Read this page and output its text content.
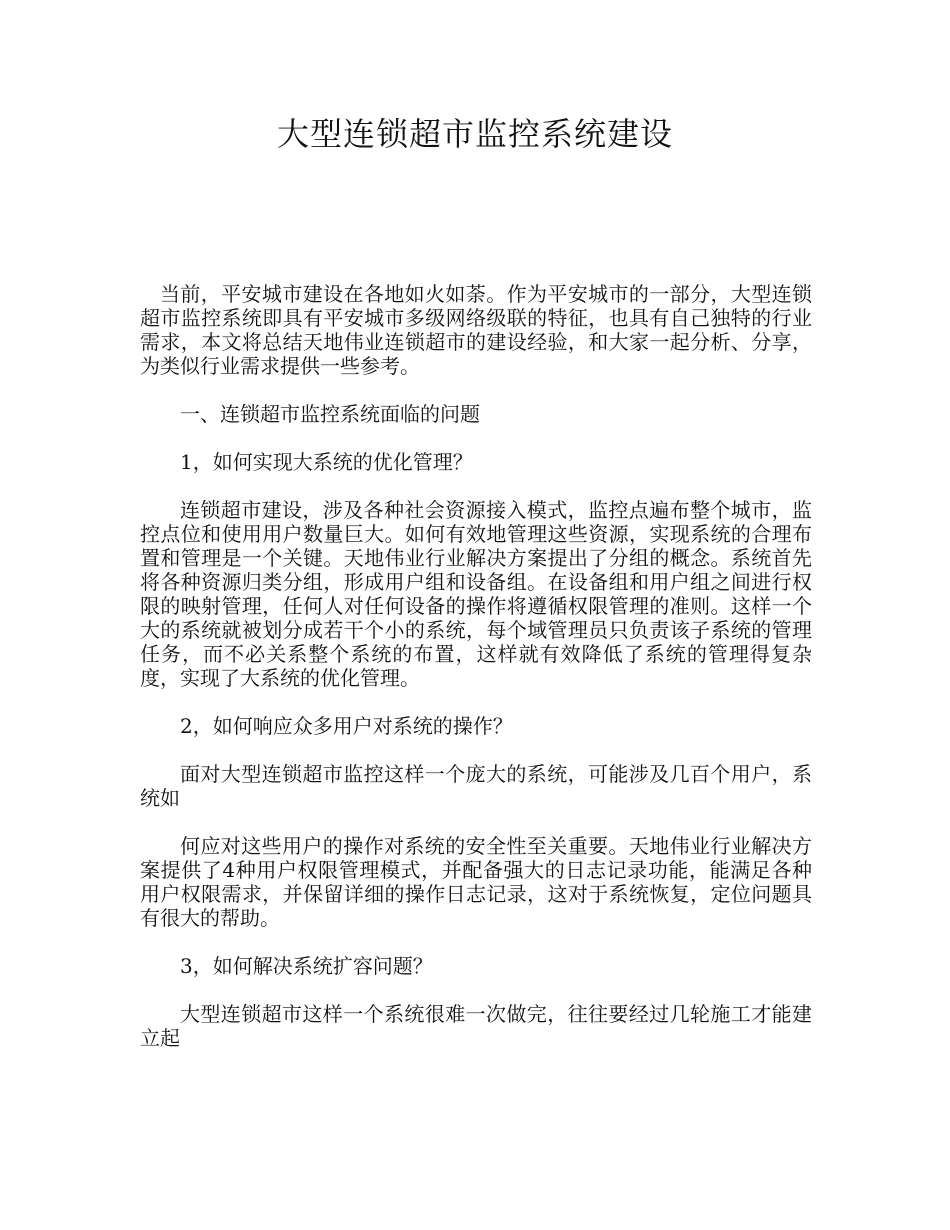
大型连锁超市监控系统建设

当前，平安城市建设在各地如火如荼。作为平安城市的一部分，大型连锁超市监控系统即具有平安城市多级网络级联的特征，也具有自己独特的行业需求，本文将总结天地伟业连锁超市的建设经验，和大家一起分析、分享，为类似行业需求提供一些参考。

一、连锁超市监控系统面临的问题

1，如何实现大系统的优化管理？

连锁超市建设，涉及各种社会资源接入模式，监控点遍布整个城市，监控点位和使用用户数量巨大。如何有效地管理这些资源，实现系统的合理布置和管理是一个关键。天地伟业行业解决方案提出了分组的概念。系统首先将各种资源归类分组，形成用户组和设备组。在设备组和用户组之间进行权限的映射管理，任何人对任何设备的操作将遵循权限管理的准则。这样一个大的系统就被划分成若干个小的系统，每个域管理员只负责该子系统的管理任务，而不必关系整个系统的布置，这样就有效降低了系统的管理得复杂度，实现了大系统的优化管理。

2，如何响应众多用户对系统的操作？

面对大型连锁超市监控这样一个庞大的系统，可能涉及几百个用户，系统如

何应对这些用户的操作对系统的安全性至关重要。天地伟业行业解决方案提供了4种用户权限管理模式，并配备强大的日志记录功能，能满足各种用户权限需求，并保留详细的操作日志记录，这对于系统恢复，定位问题具有很大的帮助。

3，如何解决系统扩容问题？

大型连锁超市这样一个系统很难一次做完，往往要经过几轮施工才能建立起
